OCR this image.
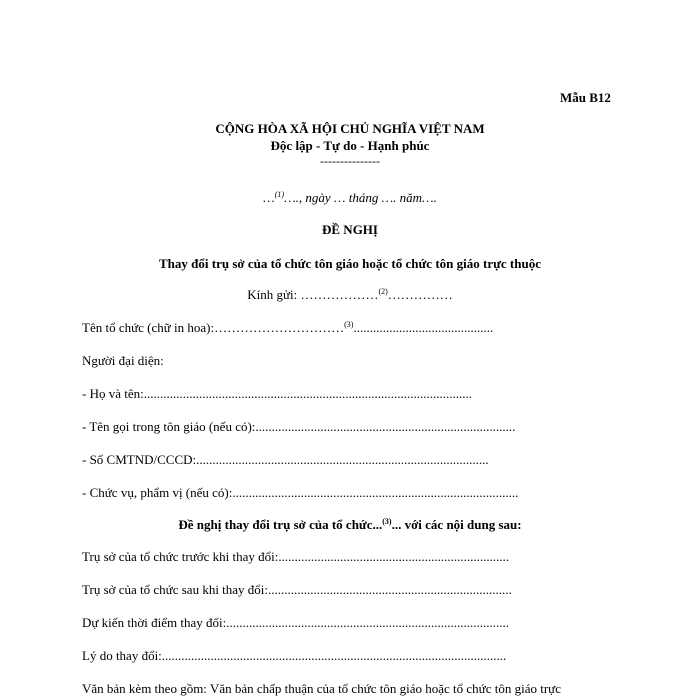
Mẫu B12
CỘNG HÒA XÃ HỘI CHỦ NGHĨA VIỆT NAM
Độc lập - Tự do - Hạnh phúc
---------------
…$^{(1)}$…., ngày … tháng …. năm….
ĐỀ NGHỊ
Thay đổi trụ sở của tổ chức tôn giáo hoặc tổ chức tôn giáo trực thuộc
Kính gửi: ………………$^{(2)}$……………
Tên tổ chức (chữ in hoa):…………………………$^{(3)}$...........................................
Người đại diện:
- Họ và tên:.....................................................................................................
- Tên gọi trong tôn giáo (nếu có):................................................................................
- Số CMTND/CCCD:..........................................................................................
- Chức vụ, phẩm vị (nếu có):........................................................................................
Đề nghị thay đổi trụ sở của tổ chức...$^{(3)}$... với các nội dung sau:
Trụ sở của tổ chức trước khi thay đổi:.......................................................................
Trụ sở của tổ chức sau khi thay đổi:...........................................................................
Dự kiến thời điểm thay đổi:.......................................................................................
Lý do thay đổi:..........................................................................................................
Văn bản kèm theo gồm: Văn bản chấp thuận của tổ chức tôn giáo hoặc tổ chức tôn giáo trực
